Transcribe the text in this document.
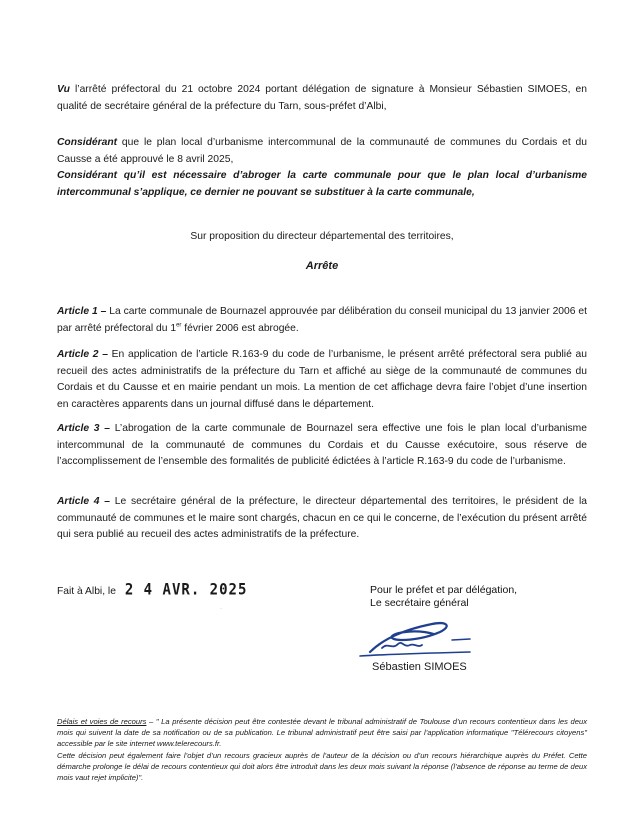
Vu l’arrêté préfectoral du 21 octobre 2024 portant délégation de signature à Monsieur Sébastien SIMOES, en qualité de secrétaire général de la préfecture du Tarn, sous-préfet d’Albi,

Considérant que le plan local d’urbanisme intercommunal de la communauté de communes du Cordais et du Causse a été approuvé le 8 avril 2025,

Considérant qu’il est nécessaire d’abroger la carte communale pour que le plan local d’urbanisme intercommunal s’applique, ce dernier ne pouvant se substituer à la carte communale,

Sur proposition du directeur départemental des territoires,
Arrête

Article 1 – La carte communale de Bournazel approuvée par délibération du conseil municipal du 13 janvier 2006 et par arrêté préfectoral du 1er février 2006 est abrogée.

Article 2 – En application de l’article R.163-9 du code de l’urbanisme, le présent arrêté préfectoral sera publié au recueil des actes administratifs de la préfecture du Tarn et affiché au siège de la communauté de communes du Cordais et du Causse et en mairie pendant un mois. La mention de cet affichage devra faire l’objet d’une insertion en caractères apparents dans un journal diffusé dans le département.

Article 3 – L’abrogation de la carte communale de Bournazel sera effective une fois le plan local d’urbanisme intercommunal de la communauté de communes du Cordais et du Causse exécutoire, sous réserve de l’accomplissement de l’ensemble des formalités de publicité édictées à l’article R.163-9 du code de l’urbanisme.

Article 4 – Le secrétaire général de la préfecture, le directeur départemental des territoires, le président de la communauté de communes et le maire sont chargés, chacun en ce qui le concerne, de l’exécution du présent arrêté qui sera publié au recueil des actes administratifs de la préfecture.

Fait à Albi, le 2 4 AVR. 2025
·
Pour le préfet et par délégation,
Le secrétaire général
Sébastien SIMOES
Délais et voies de recours – " La présente décision peut être contestée devant le tribunal administratif de Toulouse d’un recours contentieux dans les deux mois qui suivent la date de sa notification ou de sa publication. Le tribunal administratif peut être saisi par l’application informatique "Télérecours citoyens" accessible par le site internet www.telerecours.fr.
Cette décision peut également faire l’objet d’un recours gracieux auprès de l’auteur de la décision ou d’un recours hiérarchique auprès du Préfet. Cette démarche prolonge le délai de recours contentieux qui doit alors être introduit dans les deux mois suivant la réponse (l’absence de réponse au terme de deux mois vaut rejet implicite)".
